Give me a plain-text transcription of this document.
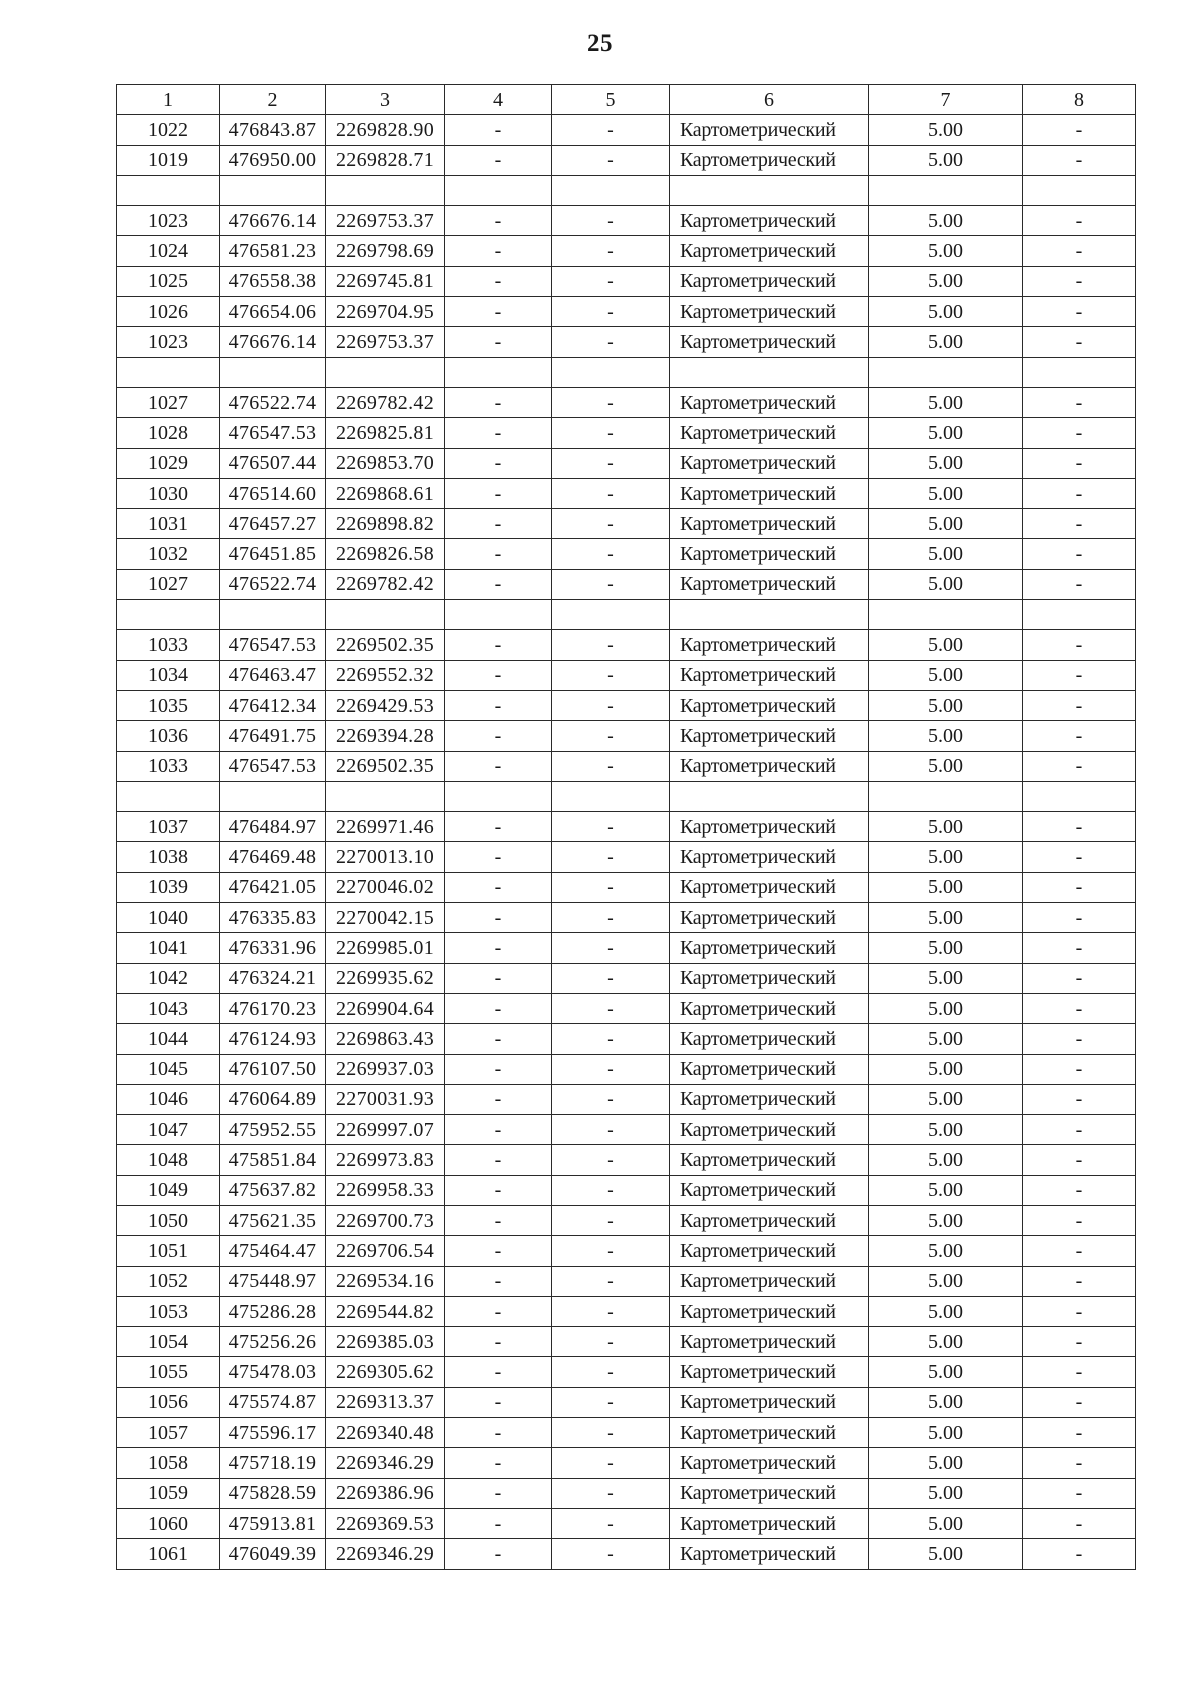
25
1	2	3	4	5	6	7	8
1022	476843.87	2269828.90	-	-	Картометрический	5.00	-
1019	476950.00	2269828.71	-	-	Картометрический	5.00	-

1023	476676.14	2269753.37	-	-	Картометрический	5.00	-
1024	476581.23	2269798.69	-	-	Картометрический	5.00	-
1025	476558.38	2269745.81	-	-	Картометрический	5.00	-
1026	476654.06	2269704.95	-	-	Картометрический	5.00	-
1023	476676.14	2269753.37	-	-	Картометрический	5.00	-

1027	476522.74	2269782.42	-	-	Картометрический	5.00	-
1028	476547.53	2269825.81	-	-	Картометрический	5.00	-
1029	476507.44	2269853.70	-	-	Картометрический	5.00	-
1030	476514.60	2269868.61	-	-	Картометрический	5.00	-
1031	476457.27	2269898.82	-	-	Картометрический	5.00	-
1032	476451.85	2269826.58	-	-	Картометрический	5.00	-
1027	476522.74	2269782.42	-	-	Картометрический	5.00	-

1033	476547.53	2269502.35	-	-	Картометрический	5.00	-
1034	476463.47	2269552.32	-	-	Картометрический	5.00	-
1035	476412.34	2269429.53	-	-	Картометрический	5.00	-
1036	476491.75	2269394.28	-	-	Картометрический	5.00	-
1033	476547.53	2269502.35	-	-	Картометрический	5.00	-

1037	476484.97	2269971.46	-	-	Картометрический	5.00	-
1038	476469.48	2270013.10	-	-	Картометрический	5.00	-
1039	476421.05	2270046.02	-	-	Картометрический	5.00	-
1040	476335.83	2270042.15	-	-	Картометрический	5.00	-
1041	476331.96	2269985.01	-	-	Картометрический	5.00	-
1042	476324.21	2269935.62	-	-	Картометрический	5.00	-
1043	476170.23	2269904.64	-	-	Картометрический	5.00	-
1044	476124.93	2269863.43	-	-	Картометрический	5.00	-
1045	476107.50	2269937.03	-	-	Картометрический	5.00	-
1046	476064.89	2270031.93	-	-	Картометрический	5.00	-
1047	475952.55	2269997.07	-	-	Картометрический	5.00	-
1048	475851.84	2269973.83	-	-	Картометрический	5.00	-
1049	475637.82	2269958.33	-	-	Картометрический	5.00	-
1050	475621.35	2269700.73	-	-	Картометрический	5.00	-
1051	475464.47	2269706.54	-	-	Картометрический	5.00	-
1052	475448.97	2269534.16	-	-	Картометрический	5.00	-
1053	475286.28	2269544.82	-	-	Картометрический	5.00	-
1054	475256.26	2269385.03	-	-	Картометрический	5.00	-
1055	475478.03	2269305.62	-	-	Картометрический	5.00	-
1056	475574.87	2269313.37	-	-	Картометрический	5.00	-
1057	475596.17	2269340.48	-	-	Картометрический	5.00	-
1058	475718.19	2269346.29	-	-	Картометрический	5.00	-
1059	475828.59	2269386.96	-	-	Картометрический	5.00	-
1060	475913.81	2269369.53	-	-	Картометрический	5.00	-
1061	476049.39	2269346.29	-	-	Картометрический	5.00	-
